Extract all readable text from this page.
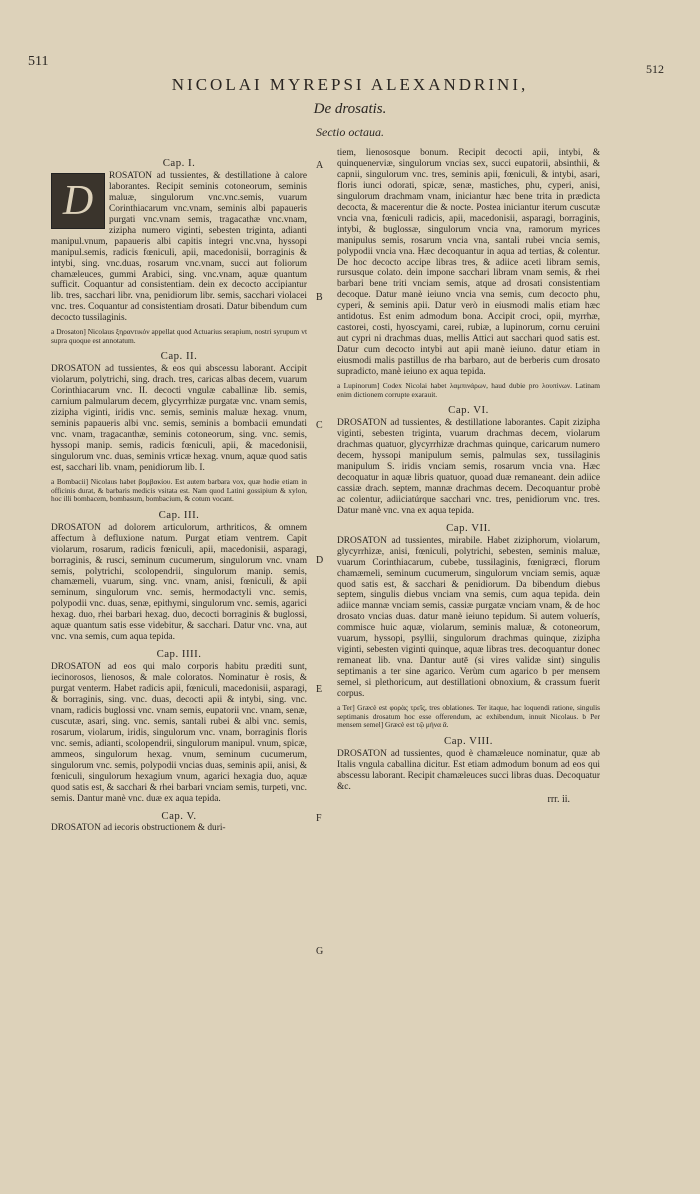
511	512
NICOLAI MYREPSI ALEXANDRINI,
De drosatis.
Sectio octaua.
A
B
C
D
E
F
G
Cap. I.

D
ROSATON ad tussientes, & destillatione à calore laborantes. Recipit seminis cotoneorum, seminis maluæ, singulorum vnc.vnc.semis, vuarum Corinthiacarum vnc.vnam, seminis albi papaueris purgati vnc.vnam semis, tragacathæ vnc.vnam, zizipha numero viginti, sebesten triginta, adianti manipul.vnum, papaueris albi capitis integri vnc.vna, hyssopi manipul.semis, radicis fœniculi, apii, macedonisii, borraginis & intybi, sing. vnc.duas, rosarum vnc.vnam, succi aut foliorum chamæleuces, gummi Arabici, sing. vnc.vnam, aquæ quantum sufficit. Coquantur ad consistentiam. dein ex decocto accipiantur lib. tres, sacchari libr. vna, penidiorum libr. semis, sacchari violacei vnc. tres. Coquantur ad consistentiam drosati. Datur bibendum cum decocto tussilaginis.

a Drosaton] Nicolaus ξηραντικόν appellat quod Actuarius serapium, nostri syrupum vt supra quoque est annotatum.

Cap. II.

DROSATON ad tussientes, & eos qui abscessu laborant. Accipit violarum, polytrichi, sing. drach. tres, caricas albas decem, vuarum Corinthiacarum vnc. II. decocti vngulæ caballinæ lib. semis, carnium palmularum decem, glycyrrhizæ purgatæ vnc. vnam semis, zizipha viginti, iridis vnc. semis, seminis maluæ hexag. vnum, seminis papaueris albi vnc. semis, seminis a bombacii emundati vnc. vnam, tragacanthæ, seminis cotoneorum, sing. vnc. semis, hyssopi manip. semis, radicis fœniculi, apii, & macedonisii, singulorum vnc. duas, seminis vrticæ hexag. vnum, aquæ quod satis est, sacchari lib. vnam, penidiorum lib. I.

a Bombacii] Nicolaus habet βομβακίου. Est autem barbara vox, quæ hodie etiam in officinis durat, & barbaris medicis vsitata est. Nam quod Latini gossipium & xylon, hoc illi bombacem, bombasum, bombacium, & cotum vocant.

Cap. III.

DROSATON ad dolorem articulorum, arthriticos, & omnem affectum à defluxione natum. Purgat etiam ventrem. Capit violarum, rosarum, radicis fœniculi, apii, macedonisii, asparagi, borraginis, & rusci, seminum cucumerum, singulorum vnc. vnam semis, polytrichi, scolopendrii, singulorum manip. semis, chamæmeli, vuarum, sing. vnc. vnam, anisi, fœniculi, & apii seminum, singulorum vnc. semis, hermodactyli vnc. semis, polypodii vnc. duas, senæ, epithymi, singulorum vnc. semis, agarici hexag. duo, rhei barbari hexag. duo, decocti borraginis & buglossi, aquæ quantum satis esse videbitur, & sacchari. Datur vnc. vna, aut vnc. vna semis, cum aqua tepida.

Cap. IIII.

DROSATON ad eos qui malo corporis habitu præditi sunt, iecinorosos, lienosos, & male coloratos. Nominatur è rosis, & purgat venterm. Habet radicis apii, fœniculi, macedonisii, asparagi, & borraginis, sing. vnc. duas, decocti apii & intybi, sing. vnc. vnam, radicis buglossi vnc. vnam semis, eupatorii vnc. vnam, senæ, cuscutæ, asari, sing. vnc. semis, santali rubei & albi vnc. semis, rosarum, violarum, iridis, singulorum vnc. vnam, borraginis floris vnc. semis, adianti, scolopendrii, singulorum manipul. vnum, spicæ, ammeos, singulorum hexag. vnum, seminum cucumerum, singulorum vnc. semis, polypodii vncias duas, seminis apii, anisi, & fœniculi, singulorum hexagium vnum, agarici hexagia duo, aquæ quod satis est, & sacchari & rhei barbari vnciam semis, turpeti, vnc. semis. Dantur manè vnc. duæ ex aqua tepida.

Cap. V.

DROSATON ad iecoris obstructionem & duri-

tiem, lienososque bonum. Recipit decocti apii, intybi, & quinquenerviæ, singulorum vncias sex, succi eupatorii, absinthii, & capnii, singulorum vnc. tres, seminis apii, fœniculi, & intybi, asari, floris iunci odorati, spicæ, senæ, mastiches, phu, cyperi, anisi, singulorum drachmam vnam, iniciantur hæc bene trita in prædicta decocta, & macerentur die & nocte. Postea iniciantur iterum cuscutæ vncia vna, fœniculi radicis, apii, macedonisii, asparagi, borraginis, intybi, & buglossæ, singulorum vncia vna, ramorum myrices manipulus semis, rosarum vncia vna, santali rubei vncia semis, polypodii vncia vna. Hæc decoquantur in aqua ad tertias, & colentur. De hoc decocto accipe libras tres, & adiice aceti libram semis, rursusque colato. dein impone sacchari libram vnam semis, & rhei barbari bene triti vnciam semis, atque ad drosati consistentiam decoque. Datur manè ieiuno vncia vna semis, cum decocto phu, cyperi, & seminis apii. Datur verò in eiusmodi malis etiam hæc antidotus. Est enim admodum bona. Accipit croci, opii, myrrhæ, castorei, costi, hyoscyami, carei, rubiæ, a lupinorum, cornu ceruini aut cypri ni drachmas duas, mellis Attici aut sacchari quod satis est. Datur cum decocto intybi aut apii manè ieiuno. datur etiam in eiusmodi malis pastillus de rha barbaro, aut de berberis cum drosato supradicto, manè ieiuno ex aqua tepida.

a Lupinorum] Codex Nicolai habet λαμπινάρων, haud dubie pro λουπίνων. Latinam enim dictionem corrupte exarauit.

Cap. VI.

DROSATON ad tussientes, & destillatione laborantes. Capit zizipha viginti, sebesten triginta, vuarum drachmas decem, violarum drachmas quatuor, glycyrrhizæ drachmas quinque, caricarum numero decem, hyssopi manipulum semis, palmulas sex, tussilaginis manipulum S. iridis vnciam semis, rosarum vncia vna. Hæc decoquatur in aquæ libris quatuor, quoad duæ remaneant. dein adiice cassiæ drach. septem, mannæ drachmas decem. Decoquantur probè ac colentur, adiiciatúrque sacchari vnc. tres, penidiorum vnc. tres. Datur manè vnc. vna ex aqua tepida.

Cap. VII.

DROSATON ad tussientes, mirabile. Habet ziziphorum, violarum, glycyrrhizæ, anisi, fœniculi, polytrichi, sebesten, seminis maluæ, vuarum Corinthiacarum, cubebe, tussilaginis, fœnigræci, florum chamæmeli, seminum cucumerum, singulorum vnciam semis, aquæ quod satis est, & sacchari & penidiorum. Da bibendum diebus septem, singulis diebus vnciam vna semis, cum aqua tepida. dein adiice mannæ vnciam semis, cassiæ purgatæ vnciam vnam, & de hoc drosato vncias duas. datur manè ieiuno tepidum. Si autem voluerís, commisce huic aquæ, violarum, seminis maluæ, & cotoneorum, vuarum, hyssopi, psyllii, singulorum drachmas quinque, zizipha viginti, sebesten viginti quinque, aquæ libras tres. decoquantur donec remaneat lib. vna. Dantur autē (si vires validæ sint) singulis septimanis a ter sine agarico. Verùm cum agarico b per mensem semel, si plethoricum, aut destillationi obnoxium, & crassum fuerit corpus.

a Ter] Græcè est φορὰς τρεῖς, tres oblationes. Ter itaque, hac loquendi ratione, singulis septimanis drosatum hoc esse offerendum, ac exhibendum, innuit Nicolaus. b Per mensem semel] Græcè est τῷ μήνα ἅ.

Cap. VIII.

DROSATON ad tussientes, quod è chamæleuce nominatur, quæ ab Italis vngula caballina dicitur. Est etiam admodum bonum ad eos qui abscessu laborant. Recipit chamæleuces succi libras duas. Decoquatur &c.

rrr. ii.
